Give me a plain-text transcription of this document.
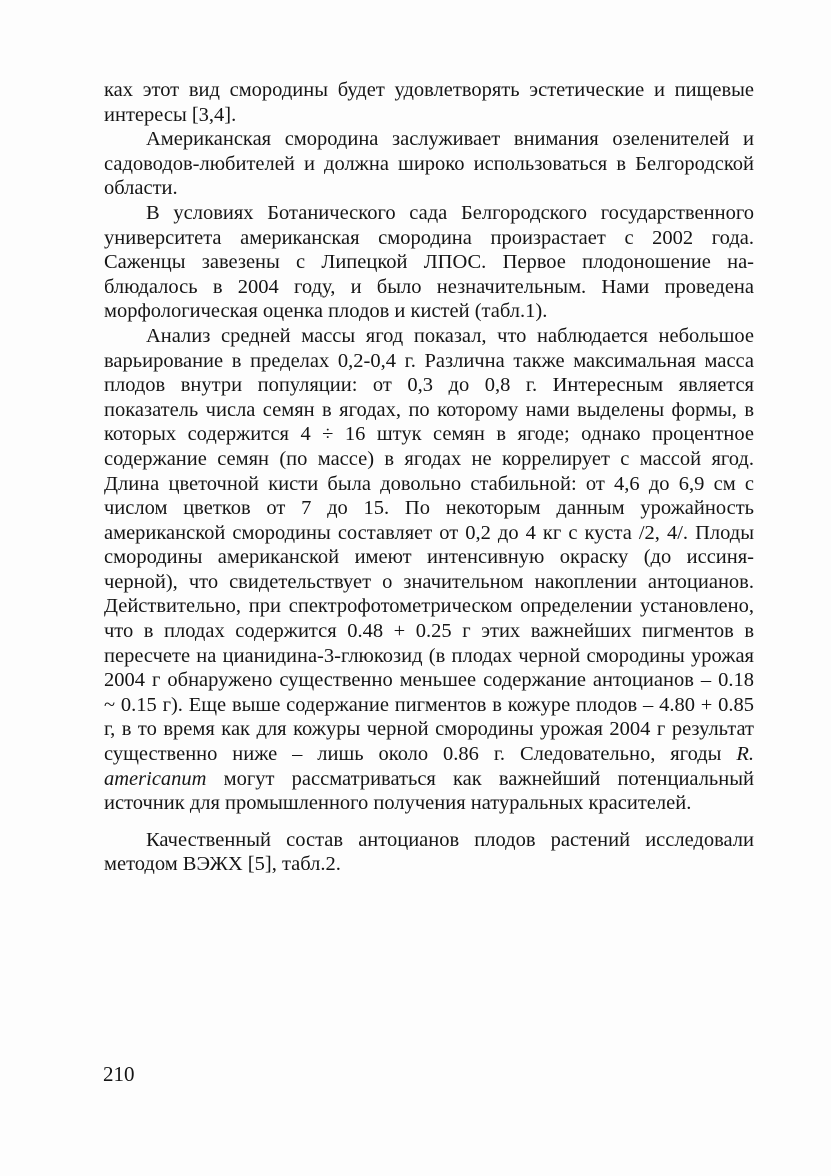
ках этот вид смородины будет удовлетворять эстетические и пищевые интересы [3,4].

Американская смородина заслуживает внимания озеленителей и садоводов-любителей и должна широко использоваться в Белгородской области.

В условиях Ботанического сада Белгородского государственного университета американская смородина произрастает с 2002 года. Саженцы завезены с Липецкой ЛПОС. Первое плодоношение наблюдалось в 2004 году, и было незначительным. Нами проведена морфологическая оценка плодов и кистей (табл.1).

Анализ средней массы ягод показал, что наблюдается небольшое варьирование в пределах 0,2-0,4 г. Различна также максимальная масса плодов внутри популяции: от 0,3 до 0,8 г. Интересным является показатель числа семян в ягодах, по которому нами выделены формы, в которых содержится 4 ÷ 16 штук семян в ягоде; однако процентное содержание семян (по массе) в ягодах не коррелирует с массой ягод. Длина цветочной кисти была довольно стабильной: от 4,6 до 6,9 см с числом цветков от 7 до 15. По некоторым данным урожайность американской смородины составляет от 0,2 до 4 кг с куста /2, 4/. Плоды смородины американской имеют интенсивную окраску (до иссиня-черной), что свидетельствует о значительном накоплении антоцианов. Действительно, при спектрофотометрическом определении установлено, что в плодах содержится 0.48 + 0.25 г этих важнейших пигментов в пересчете на цианидина-3-глюкозид (в плодах черной смородины урожая 2004 г обнаружено существенно меньшее содержание антоцианов – 0.18 ~ 0.15 г). Еще выше содержание пигментов в кожуре плодов – 4.80 + 0.85 г, в то время как для кожуры черной смородины урожая 2004 г результат существенно ниже – лишь около 0.86 г. Следовательно, ягоды R. americanum могут рассматриваться как важнейший потенциальный источник для промышленного получения натуральных красителей.

Качественный состав антоцианов плодов растений исследовали методом ВЭЖХ [5], табл.2.

210
